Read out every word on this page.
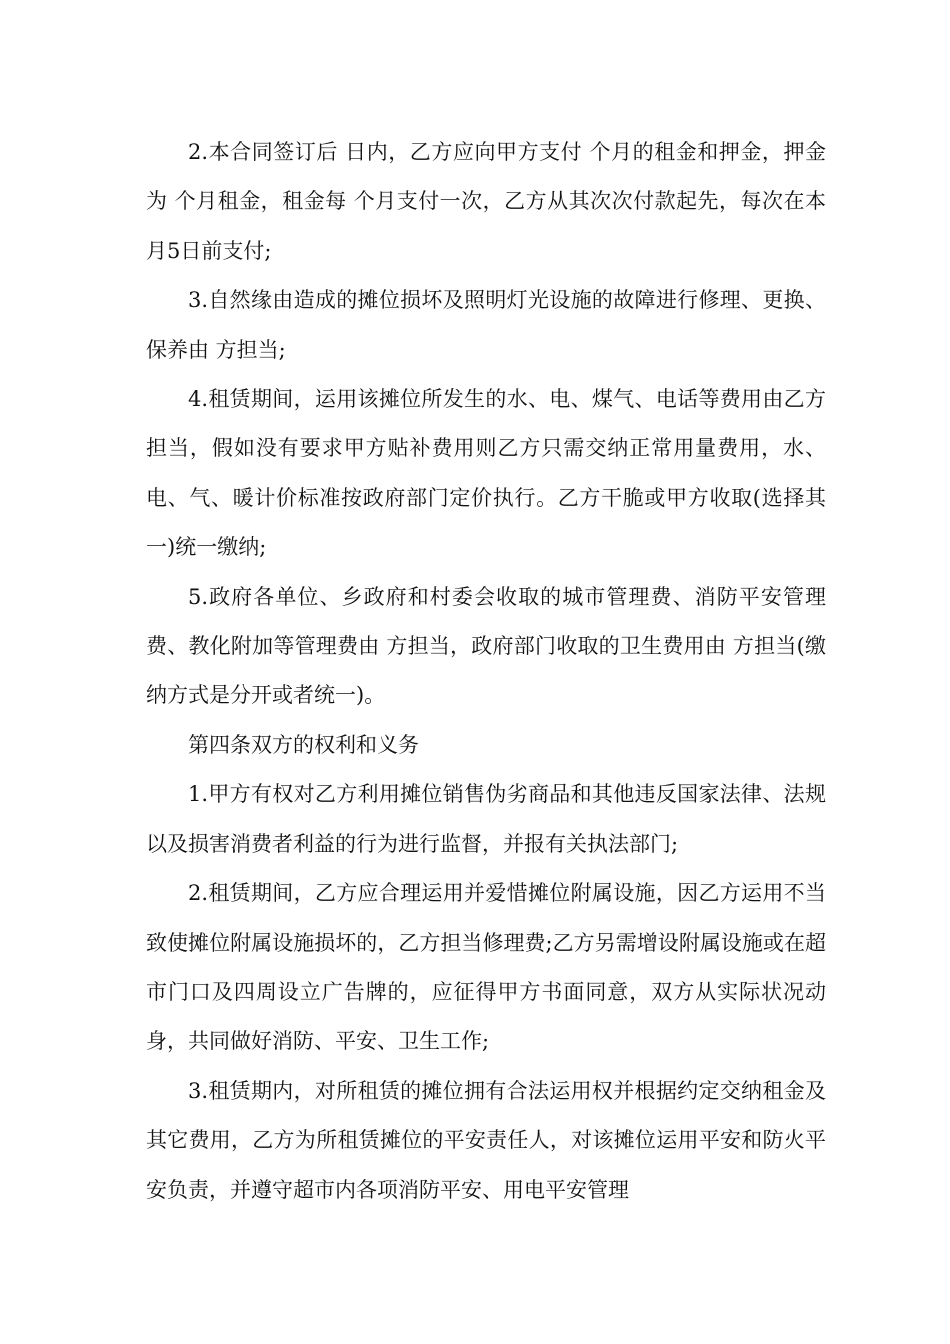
2.本合同签订后 日内，乙方应向甲方支付 个月的租金和押金，押金为 个月租金，租金每 个月支付一次，乙方从其次次付款起先，每次在本月5日前支付;

3.自然缘由造成的摊位损坏及照明灯光设施的故障进行修理、更换、保养由 方担当;

4.租赁期间，运用该摊位所发生的水、电、煤气、电话等费用由乙方担当，假如没有要求甲方贴补费用则乙方只需交纳正常用量费用，水、电、气、暖计价标准按政府部门定价执行。乙方干脆或甲方收取(选择其一)统一缴纳;

5.政府各单位、乡政府和村委会收取的城市管理费、消防平安管理费、教化附加等管理费由 方担当，政府部门收取的卫生费用由 方担当(缴纳方式是分开或者统一)。

第四条双方的权利和义务

1.甲方有权对乙方利用摊位销售伪劣商品和其他违反国家法律、法规以及损害消费者利益的行为进行监督，并报有关执法部门;

2.租赁期间，乙方应合理运用并爱惜摊位附属设施，因乙方运用不当致使摊位附属设施损坏的，乙方担当修理费;乙方另需增设附属设施或在超市门口及四周设立广告牌的，应征得甲方书面同意，双方从实际状况动身，共同做好消防、平安、卫生工作;

3.租赁期内，对所租赁的摊位拥有合法运用权并根据约定交纳租金及其它费用，乙方为所租赁摊位的平安责任人，对该摊位运用平安和防火平安负责，并遵守超市内各项消防平安、用电平安管理
